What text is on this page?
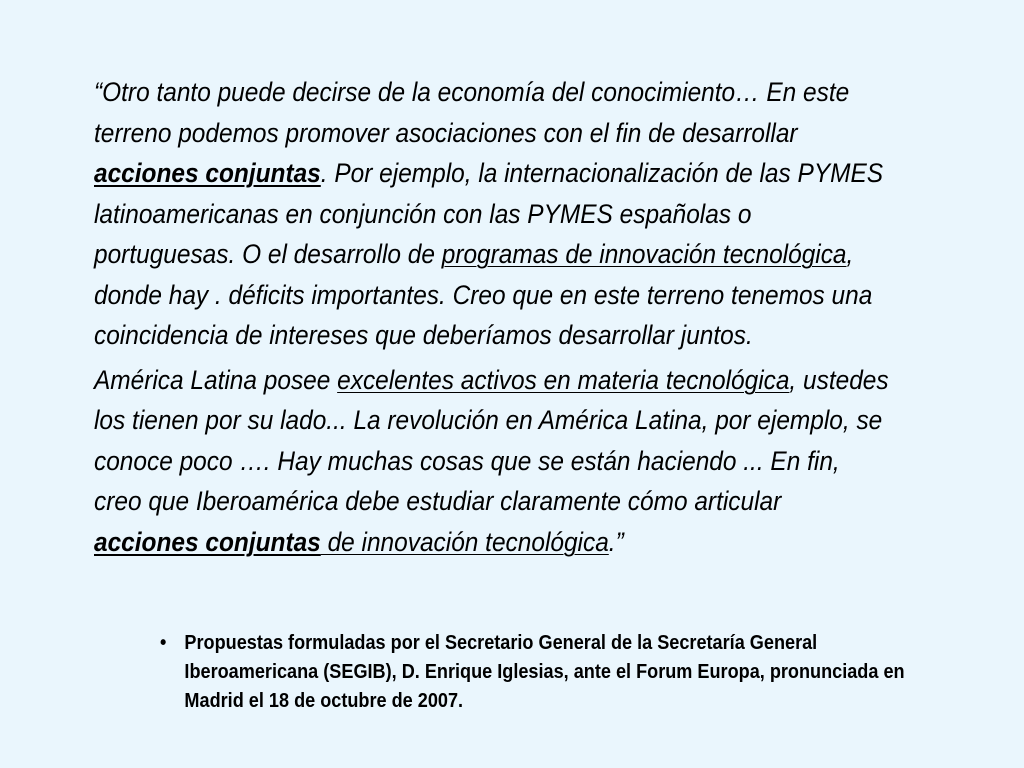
“Otro tanto puede decirse de la economía del conocimiento… En este terreno podemos promover asociaciones con el fin de desarrollar acciones conjuntas. Por ejemplo, la internacionalización de las PYMES latinoamericanas en conjunción con las PYMES españolas o portuguesas. O el desarrollo de programas de innovación tecnológica, donde hay . déficits importantes. Creo que en este terreno tenemos una coincidencia de intereses que deberíamos desarrollar juntos.

América Latina posee excelentes activos en materia tecnológica, ustedes los tienen por su lado... La revolución en América Latina, por ejemplo, se conoce poco …. Hay muchas cosas que se están haciendo ... En fin, creo que Iberoamérica debe estudiar claramente cómo articular acciones conjuntas de innovación tecnológica.”

• Propuestas formuladas por el Secretario General de la Secretaría General Iberoamericana (SEGIB), D. Enrique Iglesias, ante el Forum Europa, pronunciada en Madrid el 18 de octubre de 2007.
